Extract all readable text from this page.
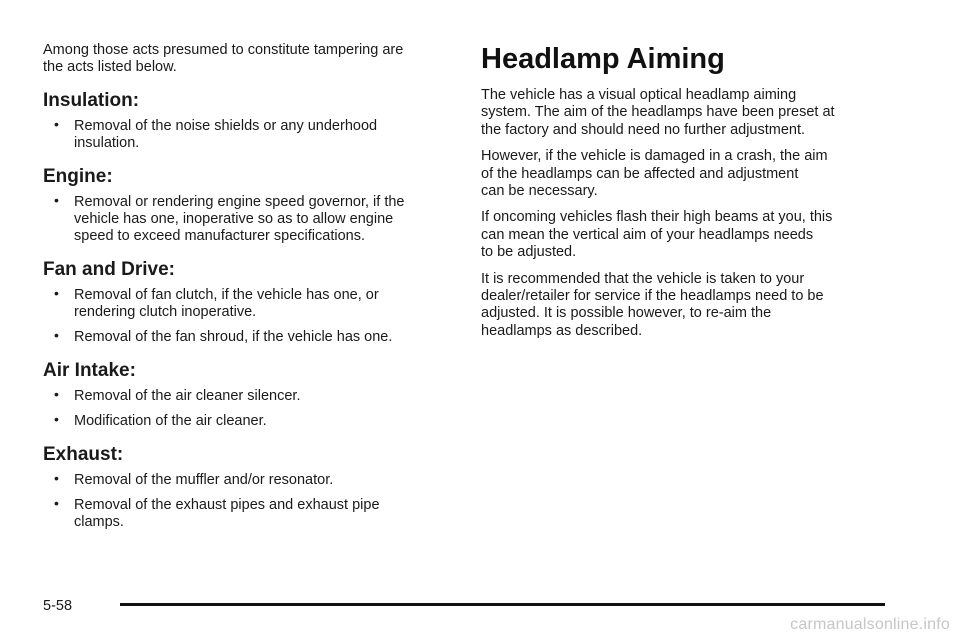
Among those acts presumed to constitute tampering are
the acts listed below.

Insulation:
• Removal of the noise shields or any underhood
insulation.
Engine:
• Removal or rendering engine speed governor, if the
vehicle has one, inoperative so as to allow engine
speed to exceed manufacturer specifications.
Fan and Drive:
• Removal of fan clutch, if the vehicle has one, or
rendering clutch inoperative.
• Removal of the fan shroud, if the vehicle has one.
Air Intake:
• Removal of the air cleaner silencer.
• Modification of the air cleaner.
Exhaust:
• Removal of the muffler and/or resonator.
• Removal of the exhaust pipes and exhaust pipe
clamps.
Headlamp Aiming

The vehicle has a visual optical headlamp aiming
system. The aim of the headlamps have been preset at
the factory and should need no further adjustment.

However, if the vehicle is damaged in a crash, the aim
of the headlamps can be affected and adjustment
can be necessary.

If oncoming vehicles flash their high beams at you, this
can mean the vertical aim of your headlamps needs
to be adjusted.

It is recommended that the vehicle is taken to your
dealer/retailer for service if the headlamps need to be
adjusted. It is possible however, to re-aim the
headlamps as described.

5-58
carmanualsonline.info
